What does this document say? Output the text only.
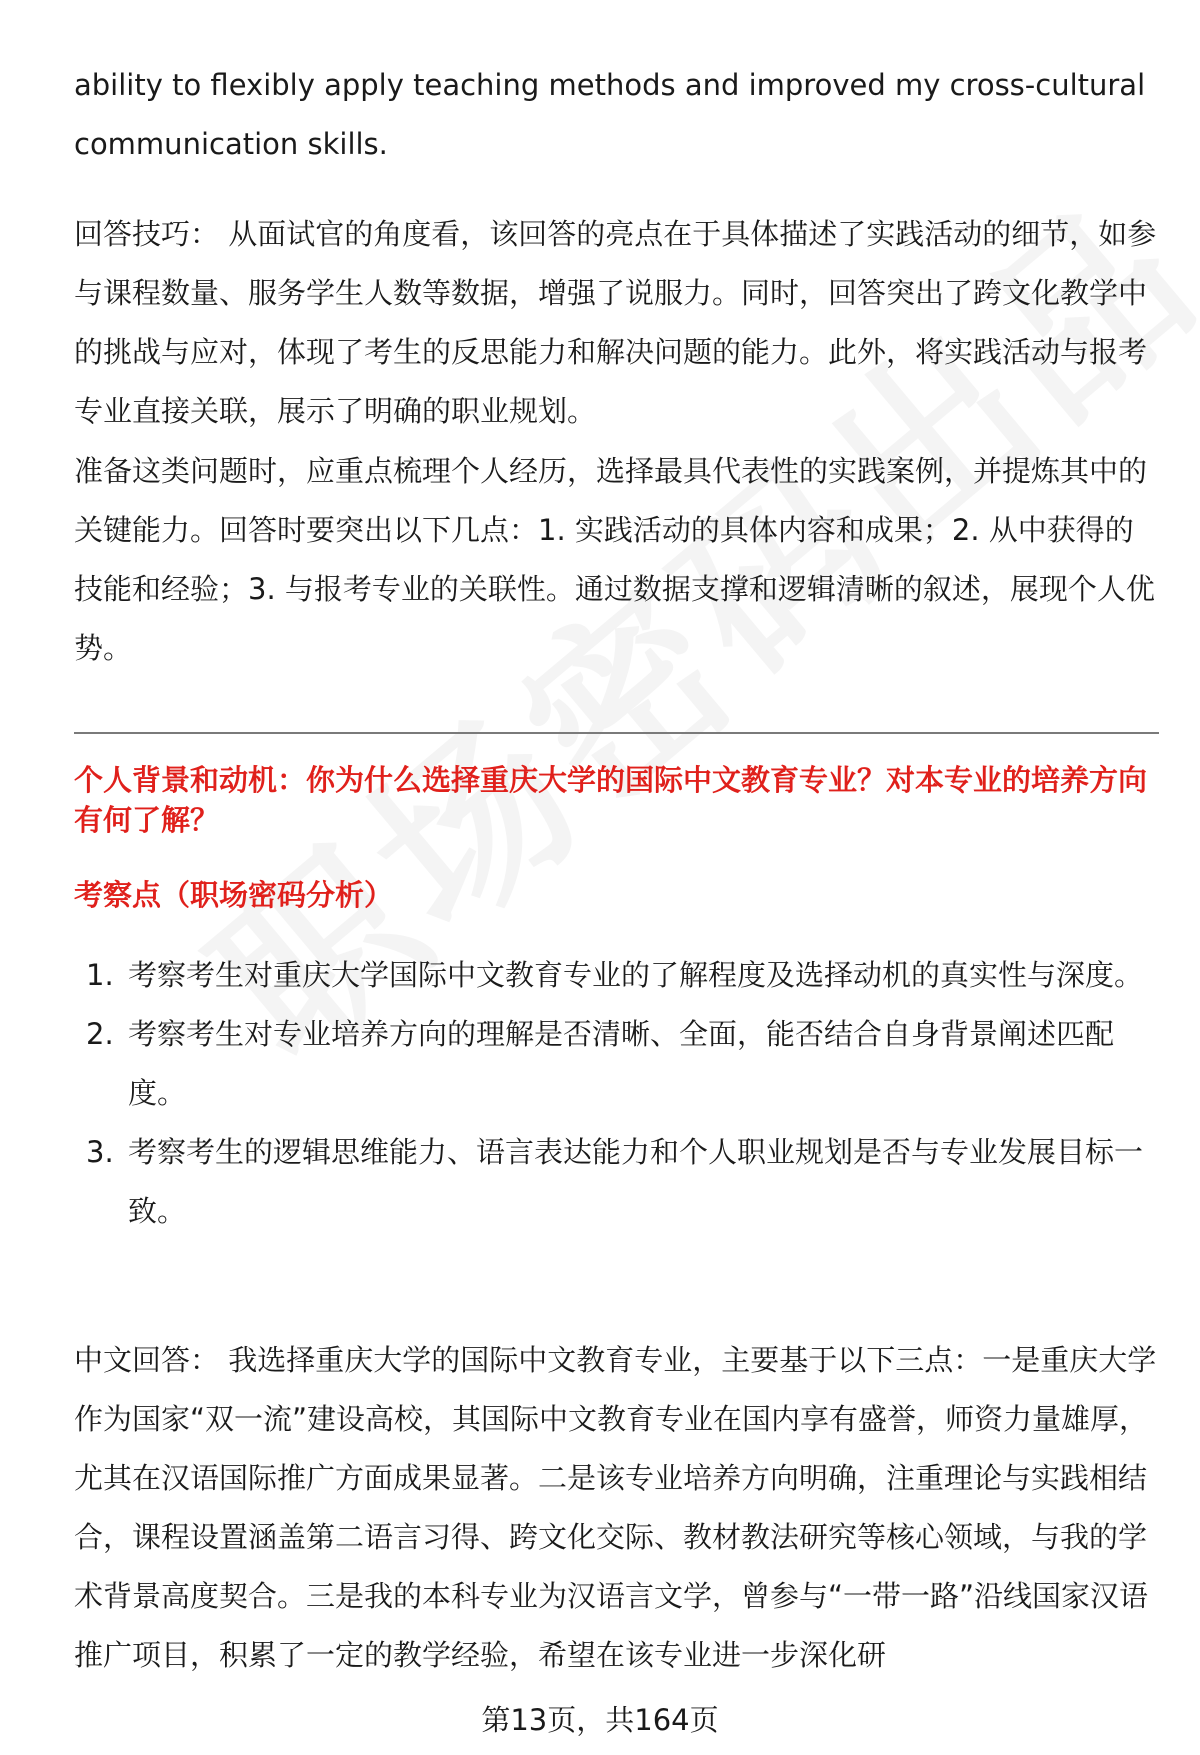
ability to flexibly apply teaching methods and improved my cross-cultural communication skills.

回答技巧： 从面试官的角度看，该回答的亮点在于具体描述了实践活动的细节，如参与课程数量、服务学生人数等数据，增强了说服力。同时，回答突出了跨文化教学中的挑战与应对，体现了考生的反思能力和解决问题的能力。此外，将实践活动与报考专业直接关联，展示了明确的职业规划。

准备这类问题时，应重点梳理个人经历，选择最具代表性的实践案例，并提炼其中的关键能力。回答时要突出以下几点：1. 实践活动的具体内容和成果；2. 从中获得的技能和经验；3. 与报考专业的关联性。通过数据支撑和逻辑清晰的叙述，展现个人优势。

个人背景和动机：你为什么选择重庆大学的国际中文教育专业？对本专业的培养方向有何了解？
考察点（职场密码分析）
1. 考察考生对重庆大学国际中文教育专业的了解程度及选择动机的真实性与深度。
2. 考察考生对专业培养方向的理解是否清晰、全面，能否结合自身背景阐述匹配度。
3. 考察考生的逻辑思维能力、语言表达能力和个人职业规划是否与专业发展目标一致。

中文回答： 我选择重庆大学的国际中文教育专业，主要基于以下三点：一是重庆大学作为国家“双一流”建设高校，其国际中文教育专业在国内享有盛誉，师资力量雄厚，尤其在汉语国际推广方面成果显著。二是该专业培养方向明确，注重理论与实践相结合，课程设置涵盖第二语言习得、跨文化交际、教材教法研究等核心领域，与我的学术背景高度契合。三是我的本科专业为汉语言文学，曾参与“一带一路”沿线国家汉语推广项目，积累了一定的教学经验，希望在该专业进一步深化研

第13页，共164页
